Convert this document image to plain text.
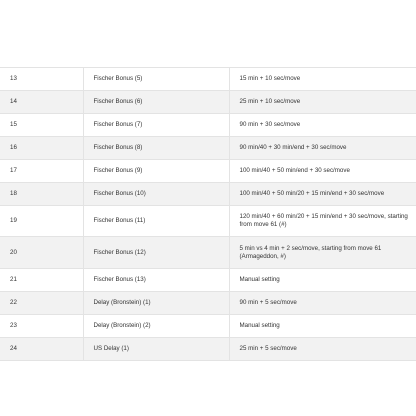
13	Fischer Bonus (5)	15 min + 10 sec/move
14	Fischer Bonus (6)	25 min + 10 sec/move
15	Fischer Bonus (7)	90 min + 30 sec/move
16	Fischer Bonus (8)	90 min/40 + 30 min/end + 30 sec/move
17	Fischer Bonus (9)	100 min/40 + 50 min/end + 30 sec/move
18	Fischer Bonus (10)	100 min/40 + 50 min/20 + 15 min/end + 30 sec/move
19	Fischer Bonus (11)	120 min/40 + 60 min/20 + 15 min/end + 30 sec/move, starting from move 61 (#)
20	Fischer Bonus (12)	5 min vs 4 min + 2 sec/move, starting from move 61 (Armageddon, #)
21	Fischer Bonus (13)	Manual setting
22	Delay (Bronstein) (1)	90 min + 5 sec/move
23	Delay (Bronstein) (2)	Manual setting
24	US Delay (1)	25 min + 5 sec/move
